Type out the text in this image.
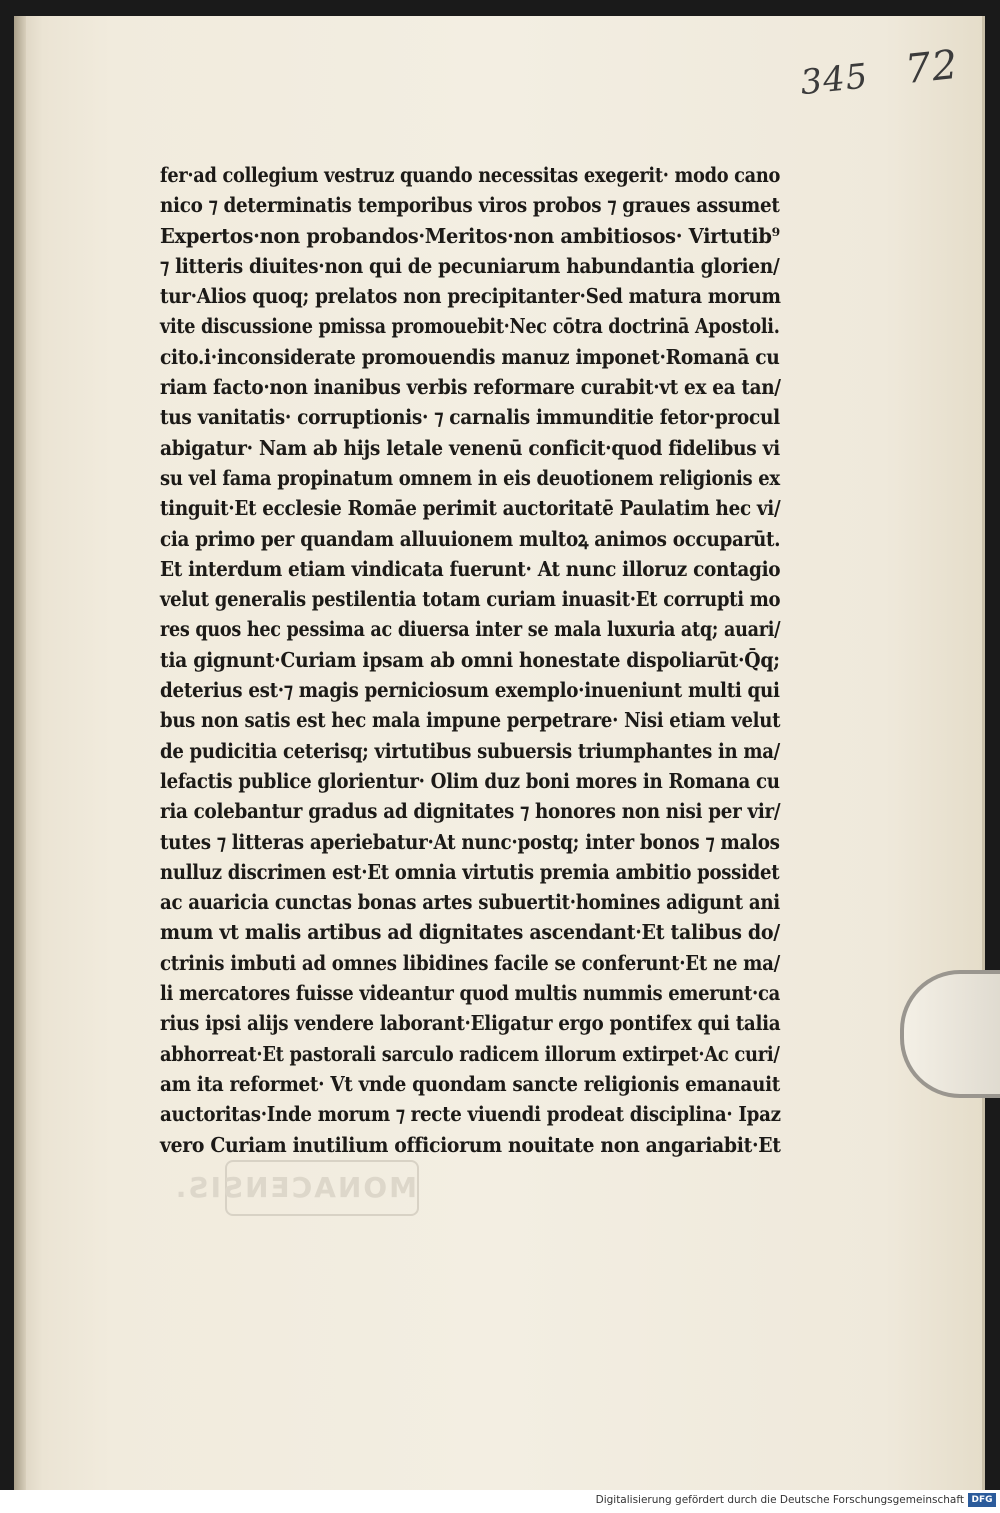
345 72
fer·ad collegium vestruz quando necessitas exegerit· modo cano
nico ⁊ determinatis temporibus viros probos ⁊ graues assumet
Expertos·non probandos·Meritos·non ambitiosos· Virtutib⁹
⁊ litteris diuites·non qui de pecuniarum habundantia glorien/
tur·Alios quoq; prelatos non precipitanter·Sed matura morum
vite discussione pmissa promouebit·Nec cōtra doctrinā Apostoli.
cito.i·inconsiderate promouendis manuz imponet·Romanā cu
riam facto·non inanibus verbis reformare curabit·vt ex ea tan/
tus vanitatis· corruptionis· ⁊ carnalis immunditie fetor·procul
abigatur· Nam ab hijs letale venenū conficit·quod fidelibus vi
su vel fama propinatum omnem in eis deuotionem religionis ex
tinguit·Et ecclesie Romāe perimit auctoritatē Paulatim hec vi/
cia primo per quandam alluuionem multoꝝ animos occuparūt.
Et interdum etiam vindicata fuerunt· At nunc illoruz contagio
velut generalis pestilentia totam curiam inuasit·Et corrupti mo
res quos hec pessima ac diuersa inter se mala luxuria atq; auari/
tia gignunt·Curiam ipsam ab omni honestate dispoliarūt·Q̄q;
deterius est·⁊ magis perniciosum exemplo·inueniunt multi qui
bus non satis est hec mala impune perpetrare· Nisi etiam velut
de pudicitia ceterisq; virtutibus subuersis triumphantes in ma/
lefactis publice glorientur· Olim duz boni mores in Romana cu
ria colebantur gradus ad dignitates ⁊ honores non nisi per vir/
tutes ⁊ litteras aperiebatur·At nunc·postq; inter bonos ⁊ malos
nulluz discrimen est·Et omnia virtutis premia ambitio possidet
ac auaricia cunctas bonas artes subuertit·homines adigunt ani
mum vt malis artibus ad dignitates ascendant·Et talibus do/
ctrinis imbuti ad omnes libidines facile se conferunt·Et ne ma/
li mercatores fuisse videantur quod multis nummis emerunt·ca
rius ipsi alijs vendere laborant·Eligatur ergo pontifex qui talia
abhorreat·Et pastorali sarculo radicem illorum extirpet·Ac curi/
am ita reformet· Vt vnde quondam sancte religionis emanauit
auctoritas·Inde morum ⁊ recte viuendi prodeat disciplina· Ipaz
vero Curiam inutilium officiorum nouitate non angariabit·Et
MONACENSIS.
Digitalisierung gefördert durch die Deutsche Forschungsgemeinschaft DFG
